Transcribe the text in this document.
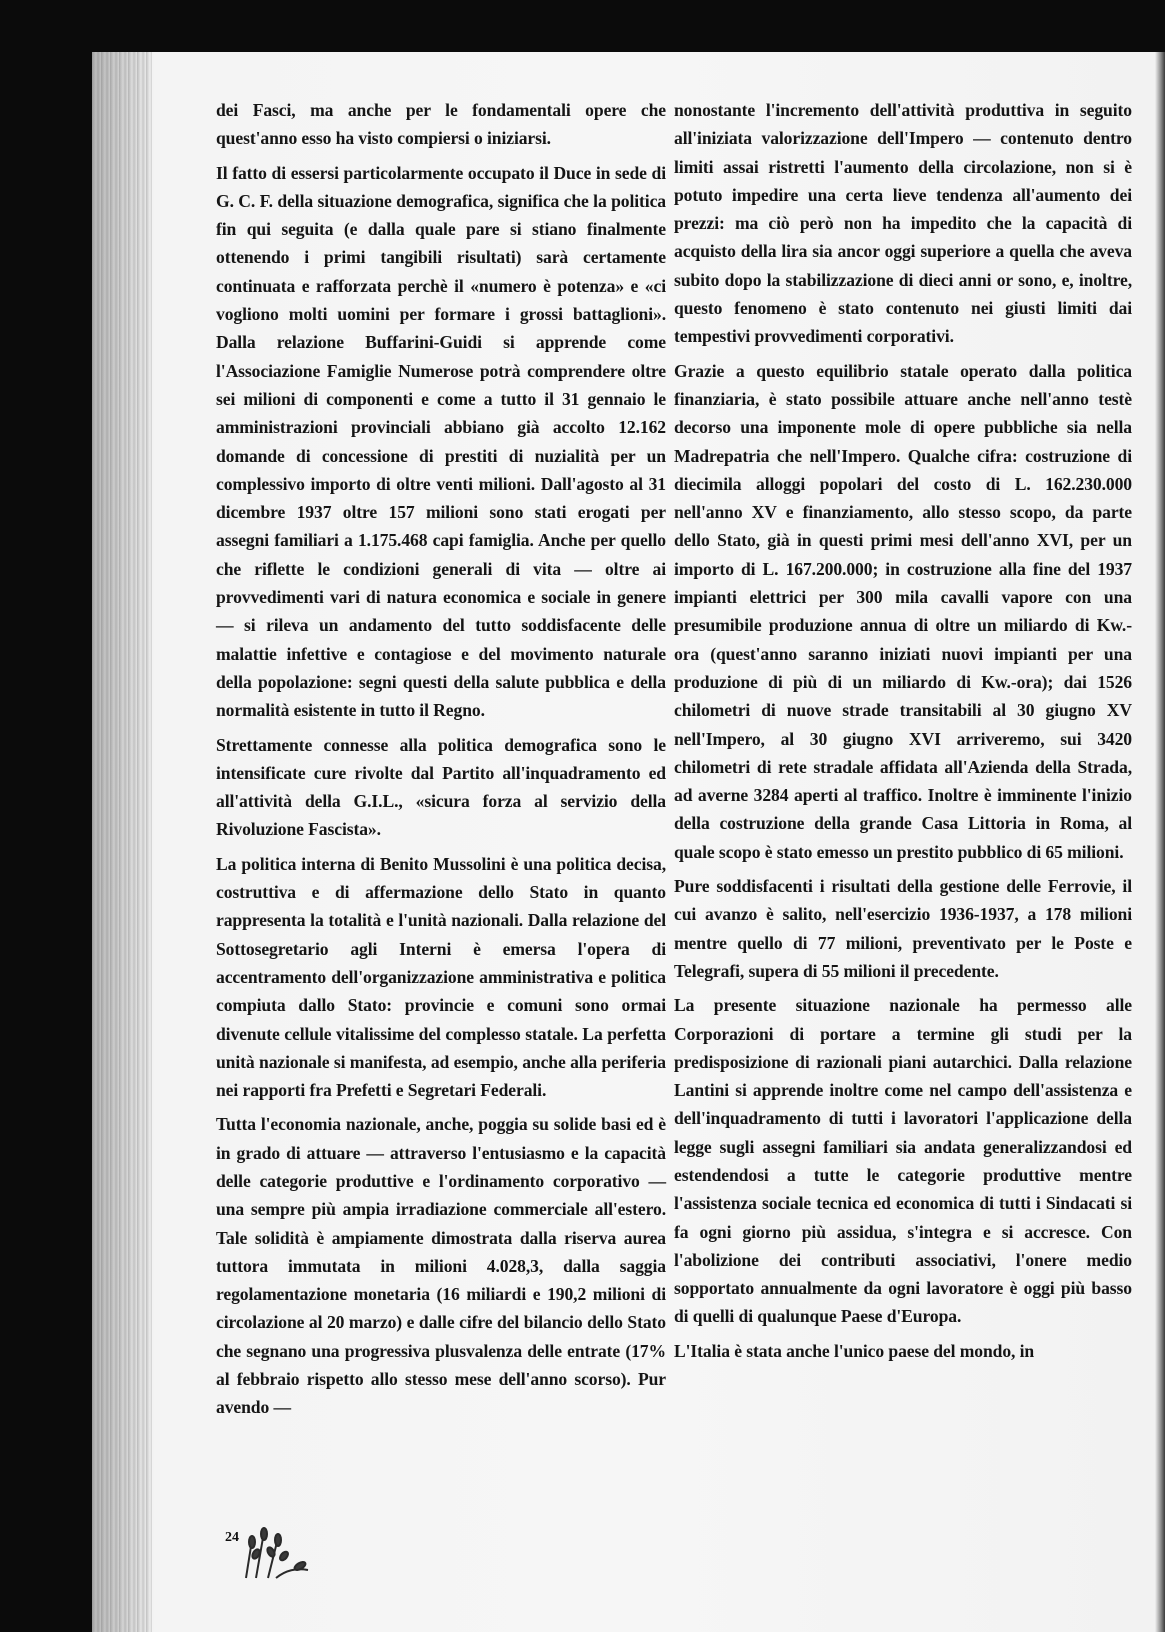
dei Fasci, ma anche per le fondamentali opere che quest'anno esso ha visto compiersi o iniziarsi.

Il fatto di essersi particolarmente occupato il Duce in sede di G. C. F. della situazione demografica, significa che la politica fin qui seguita (e dalla quale pare si stiano finalmente ottenendo i primi tangibili risultati) sarà certamente continuata e rafforzata perchè il «numero è potenza» e «ci vogliono molti uomini per formare i grossi battaglioni». Dalla relazione Buffarini-Guidi si apprende come l'Associazione Famiglie Numerose potrà comprendere oltre sei milioni di componenti e come a tutto il 31 gennaio le amministrazioni provinciali abbiano già accolto 12.162 domande di concessione di prestiti di nuzialità per un complessivo importo di oltre venti milioni. Dall'agosto al 31 dicembre 1937 oltre 157 milioni sono stati erogati per assegni familiari a 1.175.468 capi famiglia. Anche per quello che riflette le condizioni generali di vita — oltre ai provvedimenti vari di natura economica e sociale in genere — si rileva un andamento del tutto soddisfacente delle malattie infettive e contagiose e del movimento naturale della popolazione: segni questi della salute pubblica e della normalità esistente in tutto il Regno.

Strettamente connesse alla politica demografica sono le intensificate cure rivolte dal Partito all'inquadramento ed all'attività della G.I.L., «sicura forza al servizio della Rivoluzione Fascista».

La politica interna di Benito Mussolini è una politica decisa, costruttiva e di affermazione dello Stato in quanto rappresenta la totalità e l'unità nazionali. Dalla relazione del Sottosegretario agli Interni è emersa l'opera di accentramento dell'organizzazione amministrativa e politica compiuta dallo Stato: provincie e comuni sono ormai divenute cellule vitalissime del complesso statale. La perfetta unità nazionale si manifesta, ad esempio, anche alla periferia nei rapporti fra Prefetti e Segretari Federali.

Tutta l'economia nazionale, anche, poggia su solide basi ed è in grado di attuare — attraverso l'entusiasmo e la capacità delle categorie produttive e l'ordinamento corporativo — una sempre più ampia irradiazione commerciale all'estero. Tale solidità è ampiamente dimostrata dalla riserva aurea tuttora immutata in milioni 4.028,3, dalla saggia regolamentazione monetaria (16 miliardi e 190,2 milioni di circolazione al 20 marzo) e dalle cifre del bilancio dello Stato che segnano una progressiva plusvalenza delle entrate (17% al febbraio rispetto allo stesso mese dell'anno scorso). Pur avendo —

nonostante l'incremento dell'attività produttiva in seguito all'iniziata valorizzazione dell'Impero — contenuto dentro limiti assai ristretti l'aumento della circolazione, non si è potuto impedire una certa lieve tendenza all'aumento dei prezzi: ma ciò però non ha impedito che la capacità di acquisto della lira sia ancor oggi superiore a quella che aveva subito dopo la stabilizzazione di dieci anni or sono, e, inoltre, questo fenomeno è stato contenuto nei giusti limiti dai tempestivi provvedimenti corporativi.

Grazie a questo equilibrio statale operato dalla politica finanziaria, è stato possibile attuare anche nell'anno testè decorso una imponente mole di opere pubbliche sia nella Madrepatria che nell'Impero. Qualche cifra: costruzione di diecimila alloggi popolari del costo di L. 162.230.000 nell'anno XV e finanziamento, allo stesso scopo, da parte dello Stato, già in questi primi mesi dell'anno XVI, per un importo di L. 167.200.000; in costruzione alla fine del 1937 impianti elettrici per 300 mila cavalli vapore con una presumibile produzione annua di oltre un miliardo di Kw.-ora (quest'anno saranno iniziati nuovi impianti per una produzione di più di un miliardo di Kw.-ora); dai 1526 chilometri di nuove strade transitabili al 30 giugno XV nell'Impero, al 30 giugno XVI arriveremo, sui 3420 chilometri di rete stradale affidata all'Azienda della Strada, ad averne 3284 aperti al traffico. Inoltre è imminente l'inizio della costruzione della grande Casa Littoria in Roma, al quale scopo è stato emesso un prestito pubblico di 65 milioni.

Pure soddisfacenti i risultati della gestione delle Ferrovie, il cui avanzo è salito, nell'esercizio 1936-1937, a 178 milioni mentre quello di 77 milioni, preventivato per le Poste e Telegrafi, supera di 55 milioni il precedente.

La presente situazione nazionale ha permesso alle Corporazioni di portare a termine gli studi per la predisposizione di razionali piani autarchici. Dalla relazione Lantini si apprende inoltre come nel campo dell'assistenza e dell'inquadramento di tutti i lavoratori l'applicazione della legge sugli assegni familiari sia andata generalizzandosi ed estendendosi a tutte le categorie produttive mentre l'assistenza sociale tecnica ed economica di tutti i Sindacati si fa ogni giorno più assidua, s'integra e si accresce. Con l'abolizione dei contributi associativi, l'onere medio sopportato annualmente da ogni lavoratore è oggi più basso di quelli di qualunque Paese d'Europa.

L'Italia è stata anche l'unico paese del mondo, in

24
